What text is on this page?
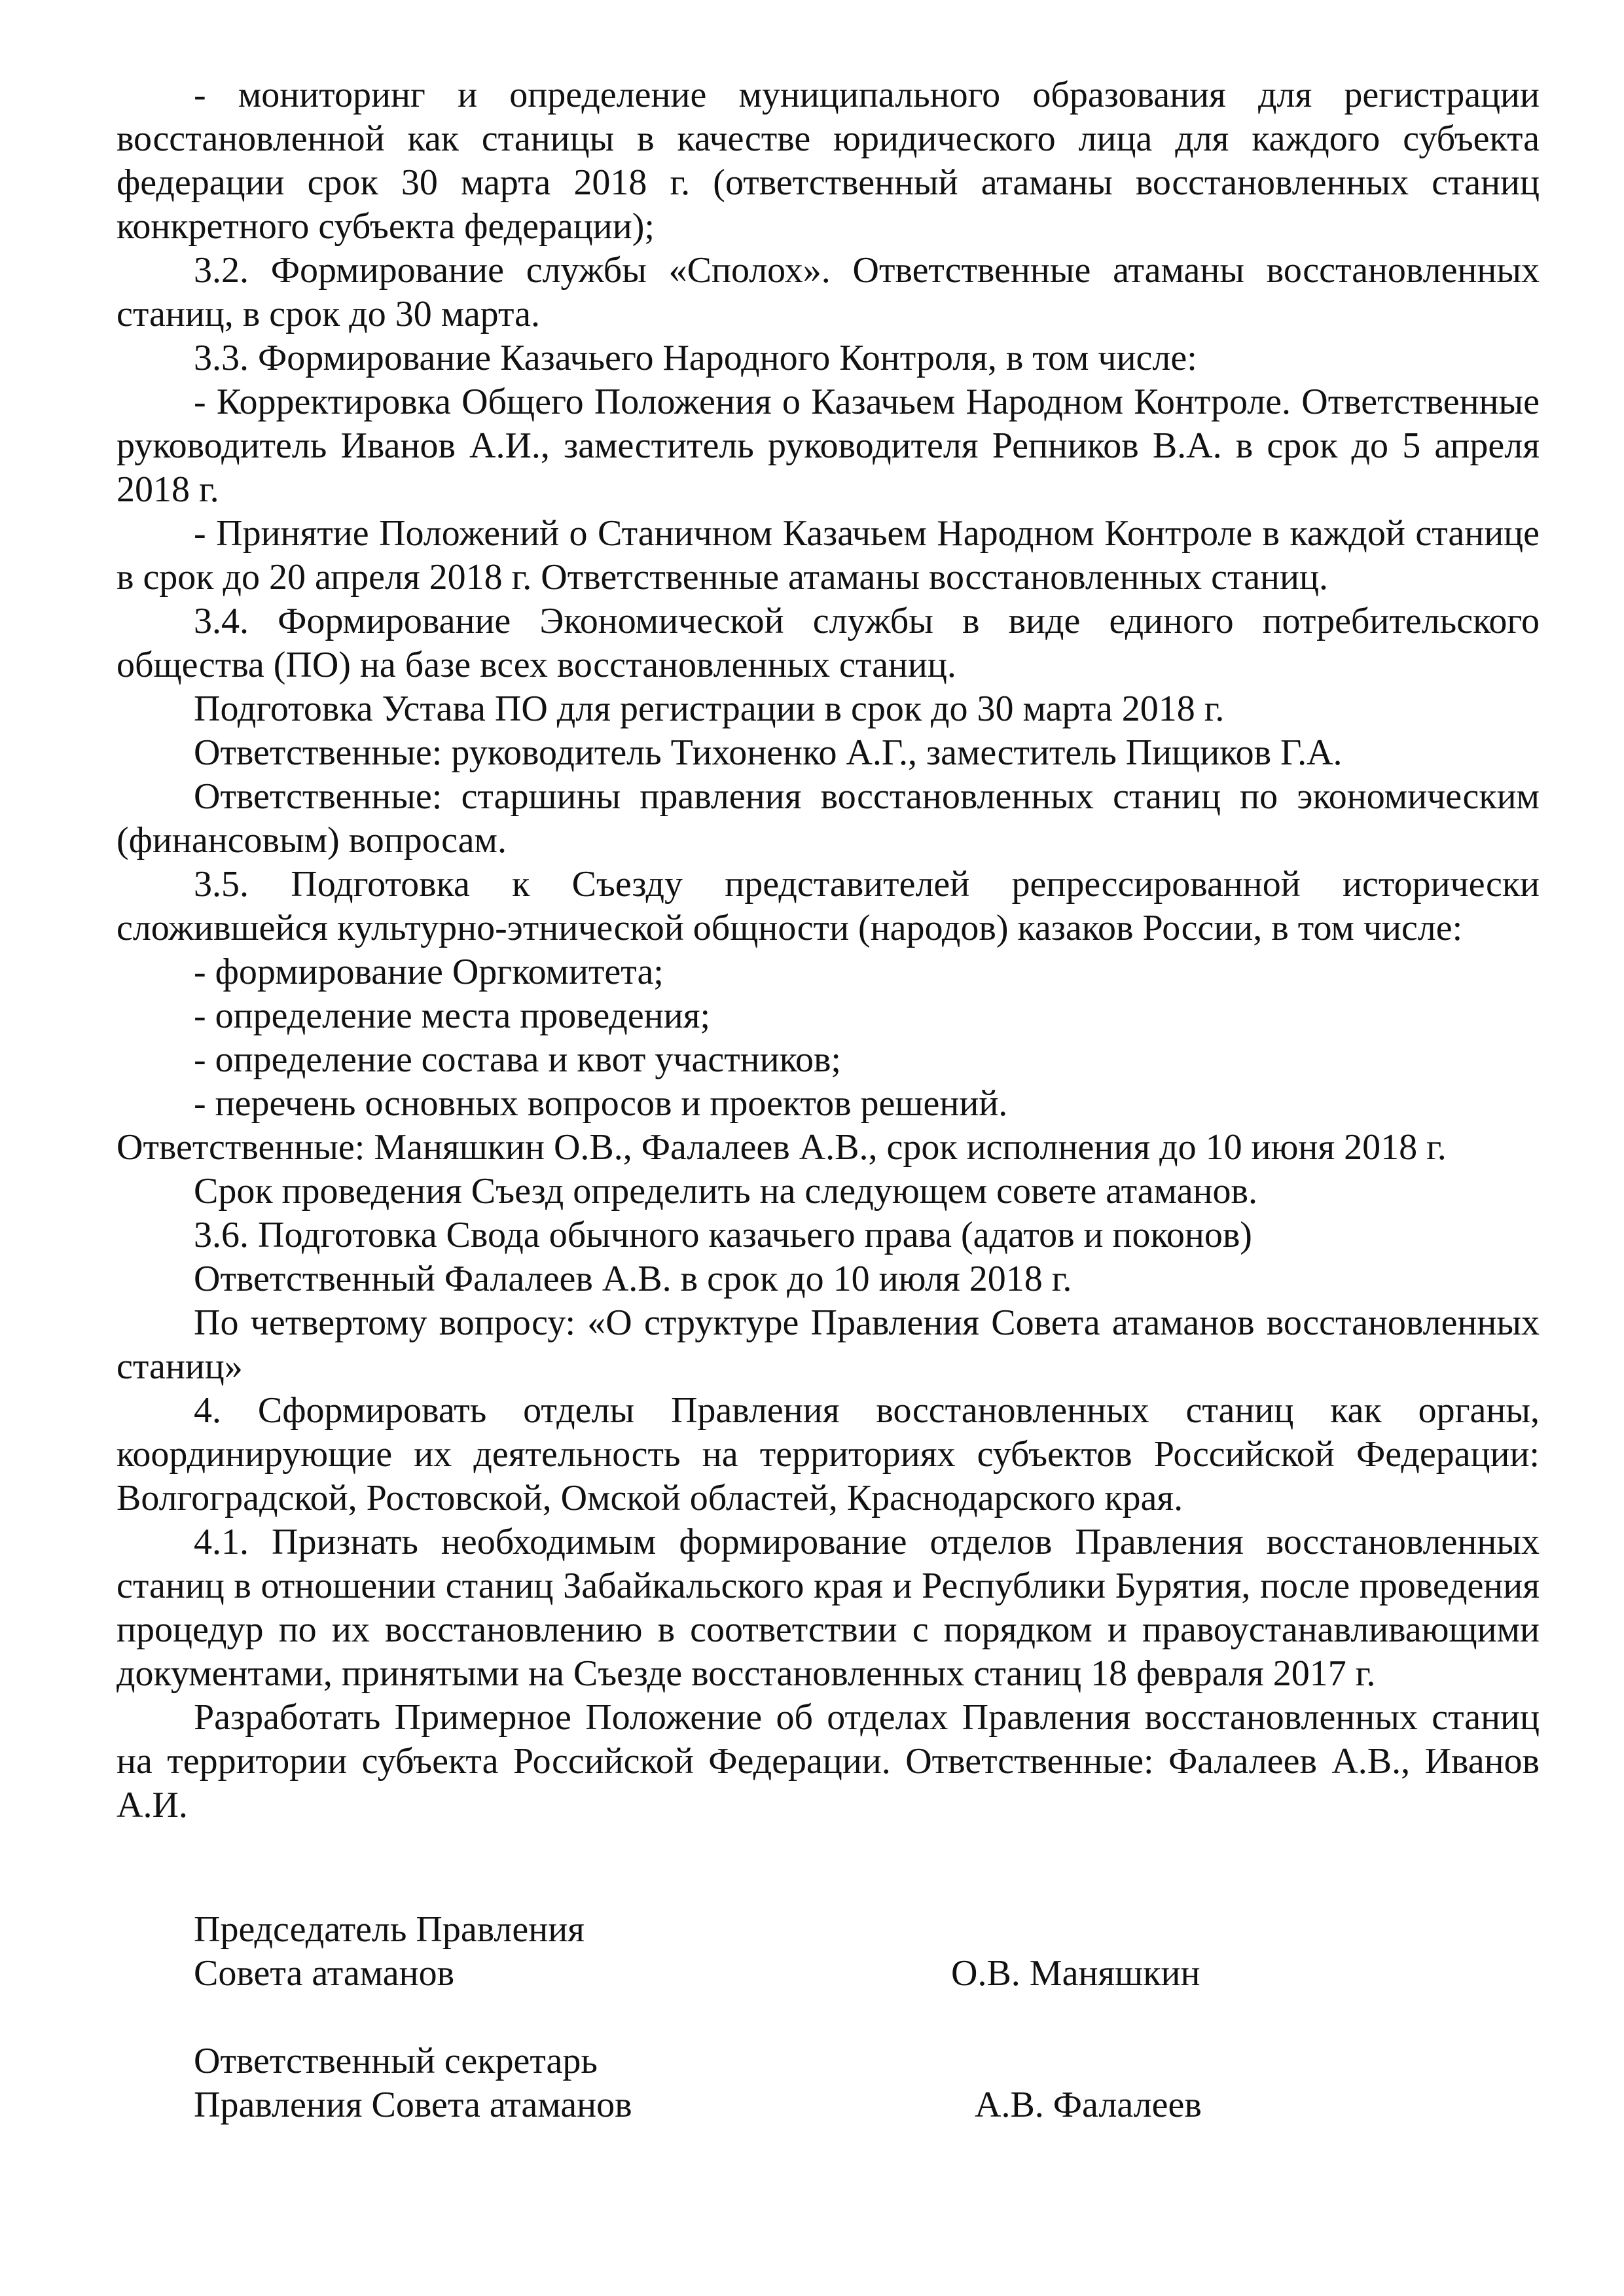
- мониторинг и определение муниципального образования для регистрации восстановленной как станицы в качестве юридического лица для каждого субъекта федерации срок 30 марта 2018 г. (ответственный атаманы восстановленных станиц конкретного субъекта федерации);

3.2. Формирование службы «Сполох». Ответственные атаманы восстановленных станиц, в срок до 30 марта.

3.3. Формирование Казачьего Народного Контроля, в том числе:

- Корректировка Общего Положения о Казачьем Народном Контроле. Ответственные руководитель Иванов А.И., заместитель руководителя Репников В.А. в срок до 5 апреля 2018 г.

- Принятие Положений о Станичном Казачьем Народном Контроле в каждой станице в срок до 20 апреля 2018 г. Ответственные атаманы восстановленных станиц.

3.4. Формирование Экономической службы в виде единого потребительского общества (ПО) на базе всех восстановленных станиц.

Подготовка Устава ПО для регистрации в срок до 30 марта 2018 г.

Ответственные: руководитель Тихоненко А.Г., заместитель Пищиков Г.А.

Ответственные: старшины правления восстановленных станиц по экономическим (финансовым) вопросам.

3.5. Подготовка к Съезду представителей репрессированной исторически сложившейся культурно-этнической общности (народов) казаков России, в том числе:

- формирование Оргкомитета;

- определение места проведения;

- определение состава и квот участников;

- перечень основных вопросов и проектов решений.

Ответственные: Маняшкин О.В., Фалалеев А.В., срок исполнения до 10 июня 2018 г.

Срок проведения Съезд определить на следующем совете атаманов.

3.6. Подготовка Свода обычного казачьего права (адатов и поконов)

Ответственный Фалалеев А.В. в срок до 10 июля 2018 г.

По четвертому вопросу: «О структуре Правления Совета атаманов восстановленных станиц»

4. Сформировать отделы Правления восстановленных станиц как органы, координирующие их деятельность на территориях субъектов Российской Федерации: Волгоградской, Ростовской, Омской областей, Краснодарского края.

4.1. Признать необходимым формирование отделов Правления восстановленных станиц в отношении станиц Забайкальского края и Республики Бурятия, после проведения процедур по их восстановлению в соответствии с порядком и правоустанавливающими документами, принятыми на Съезде восстановленных станиц 18 февраля 2017 г.

Разработать Примерное Положение об отделах Правления восстановленных станиц на территории субъекта Российской Федерации. Ответственные: Фалалеев А.В., Иванов А.И.

Председатель Правления
Совета атаманов	О.В. Маняшкин
Ответственный секретарь
Правления Совета атаманов	А.В. Фалалеев
